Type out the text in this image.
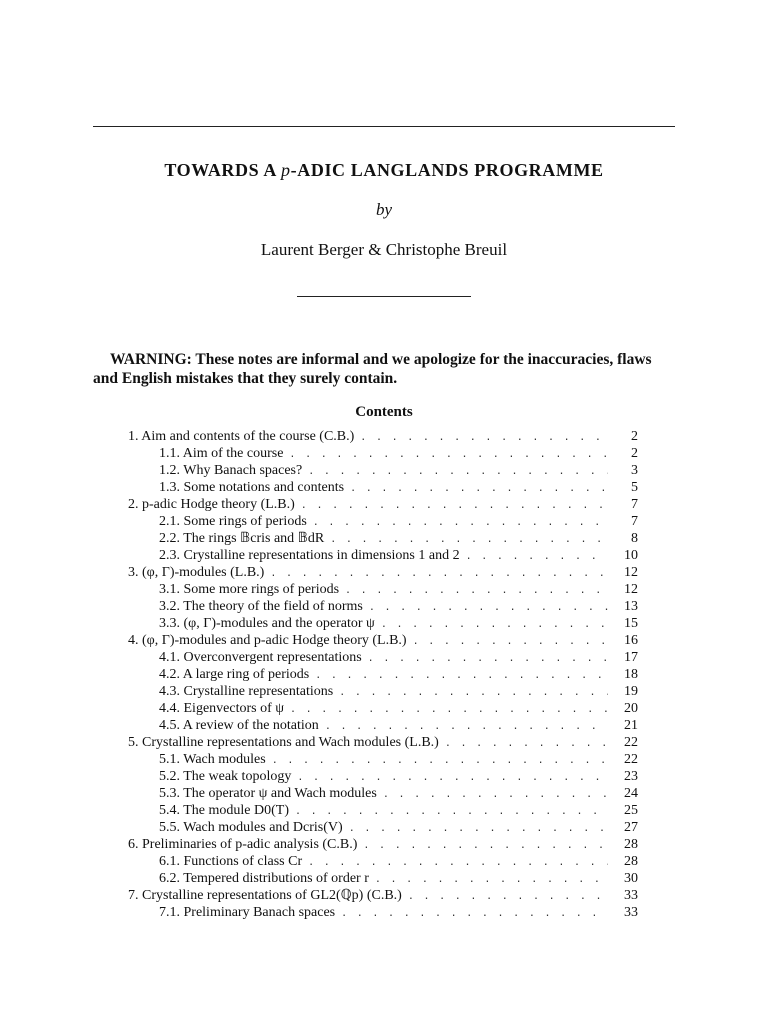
TOWARDS A p-ADIC LANGLANDS PROGRAMME
by
Laurent Berger & Christophe Breuil
WARNING: These notes are informal and we apologize for the inaccuracies, flaws and English mistakes that they surely contain.
Contents
1. Aim and contents of the course (C.B.) . . .	2
1.1. Aim of the course . . .	2
1.2. Why Banach spaces? . . .	3
1.3. Some notations and contents . . .	5
2. p-adic Hodge theory (L.B.) . . .	7
2.1. Some rings of periods . . .	7
2.2. The rings 𝔹cris and 𝔹dR . . .	8
2.3. Crystalline representations in dimensions 1 and 2 . . .	10
3. (φ, Γ)-modules (L.B.) . . .	12
3.1. Some more rings of periods . . .	12
3.2. The theory of the field of norms . . .	13
3.3. (φ, Γ)-modules and the operator ψ . . .	15
4. (φ, Γ)-modules and p-adic Hodge theory (L.B.) . . .	16
4.1. Overconvergent representations . . .	17
4.2. A large ring of periods . . .	18
4.3. Crystalline representations . . .	19
4.4. Eigenvectors of ψ . . .	20
4.5. A review of the notation . . .	21
5. Crystalline representations and Wach modules (L.B.) . . .	22
5.1. Wach modules . . .	22
5.2. The weak topology . . .	23
5.3. The operator ψ and Wach modules . . .	24
5.4. The module D0(T) . . .	25
5.5. Wach modules and Dcris(V) . . .	27
6. Preliminaries of p-adic analysis (C.B.) . . .	28
6.1. Functions of class Cr . . .	28
6.2. Tempered distributions of order r . . .	30
7. Crystalline representations of GL2(ℚp) (C.B.) . . .	33
7.1. Preliminary Banach spaces . . .	33
